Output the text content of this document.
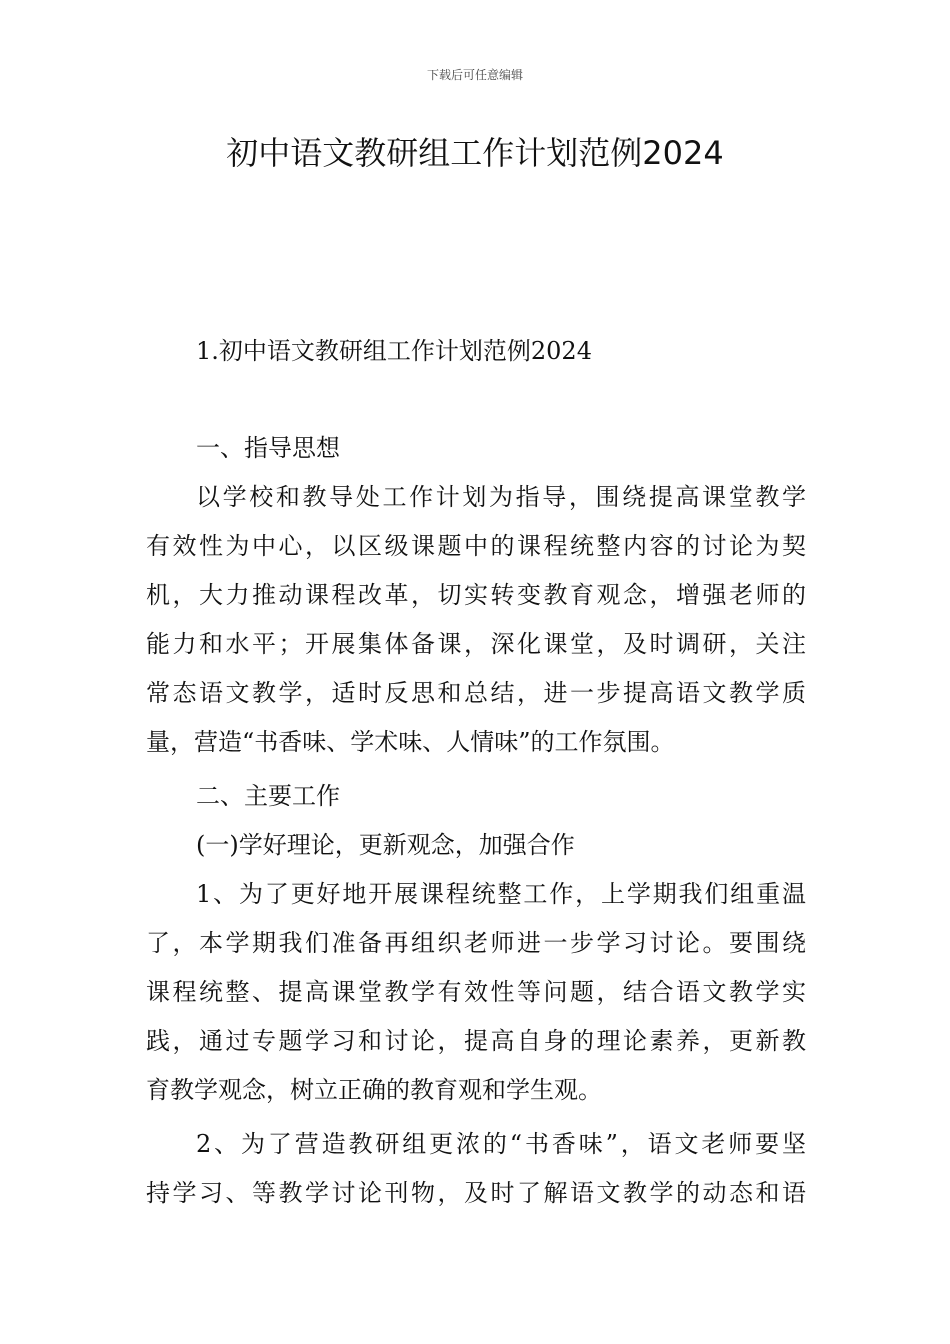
下载后可任意编辑
初中语文教研组工作计划范例2024
1.初中语文教研组工作计划范例2024
一、指导思想
以学校和教导处工作计划为指导，围绕提高课堂教学
有效性为中心，以区级课题中的课程统整内容的讨论为契
机，大力推动课程改革，切实转变教育观念，增强老师的
能力和水平；开展集体备课，深化课堂，及时调研，关注
常态语文教学，适时反思和总结，进一步提高语文教学质
量，营造“书香味、学术味、人情味”的工作氛围。
二、主要工作
(一)学好理论，更新观念，加强合作
1、为了更好地开展课程统整工作，上学期我们组重温
了，本学期我们准备再组织老师进一步学习讨论。要围绕
课程统整、提高课堂教学有效性等问题，结合语文教学实
践，通过专题学习和讨论，提高自身的理论素养，更新教
育教学观念，树立正确的教育观和学生观。
2、为了营造教研组更浓的“书香味”，语文老师要坚
持学习、等教学讨论刊物，及时了解语文教学的动态和语
